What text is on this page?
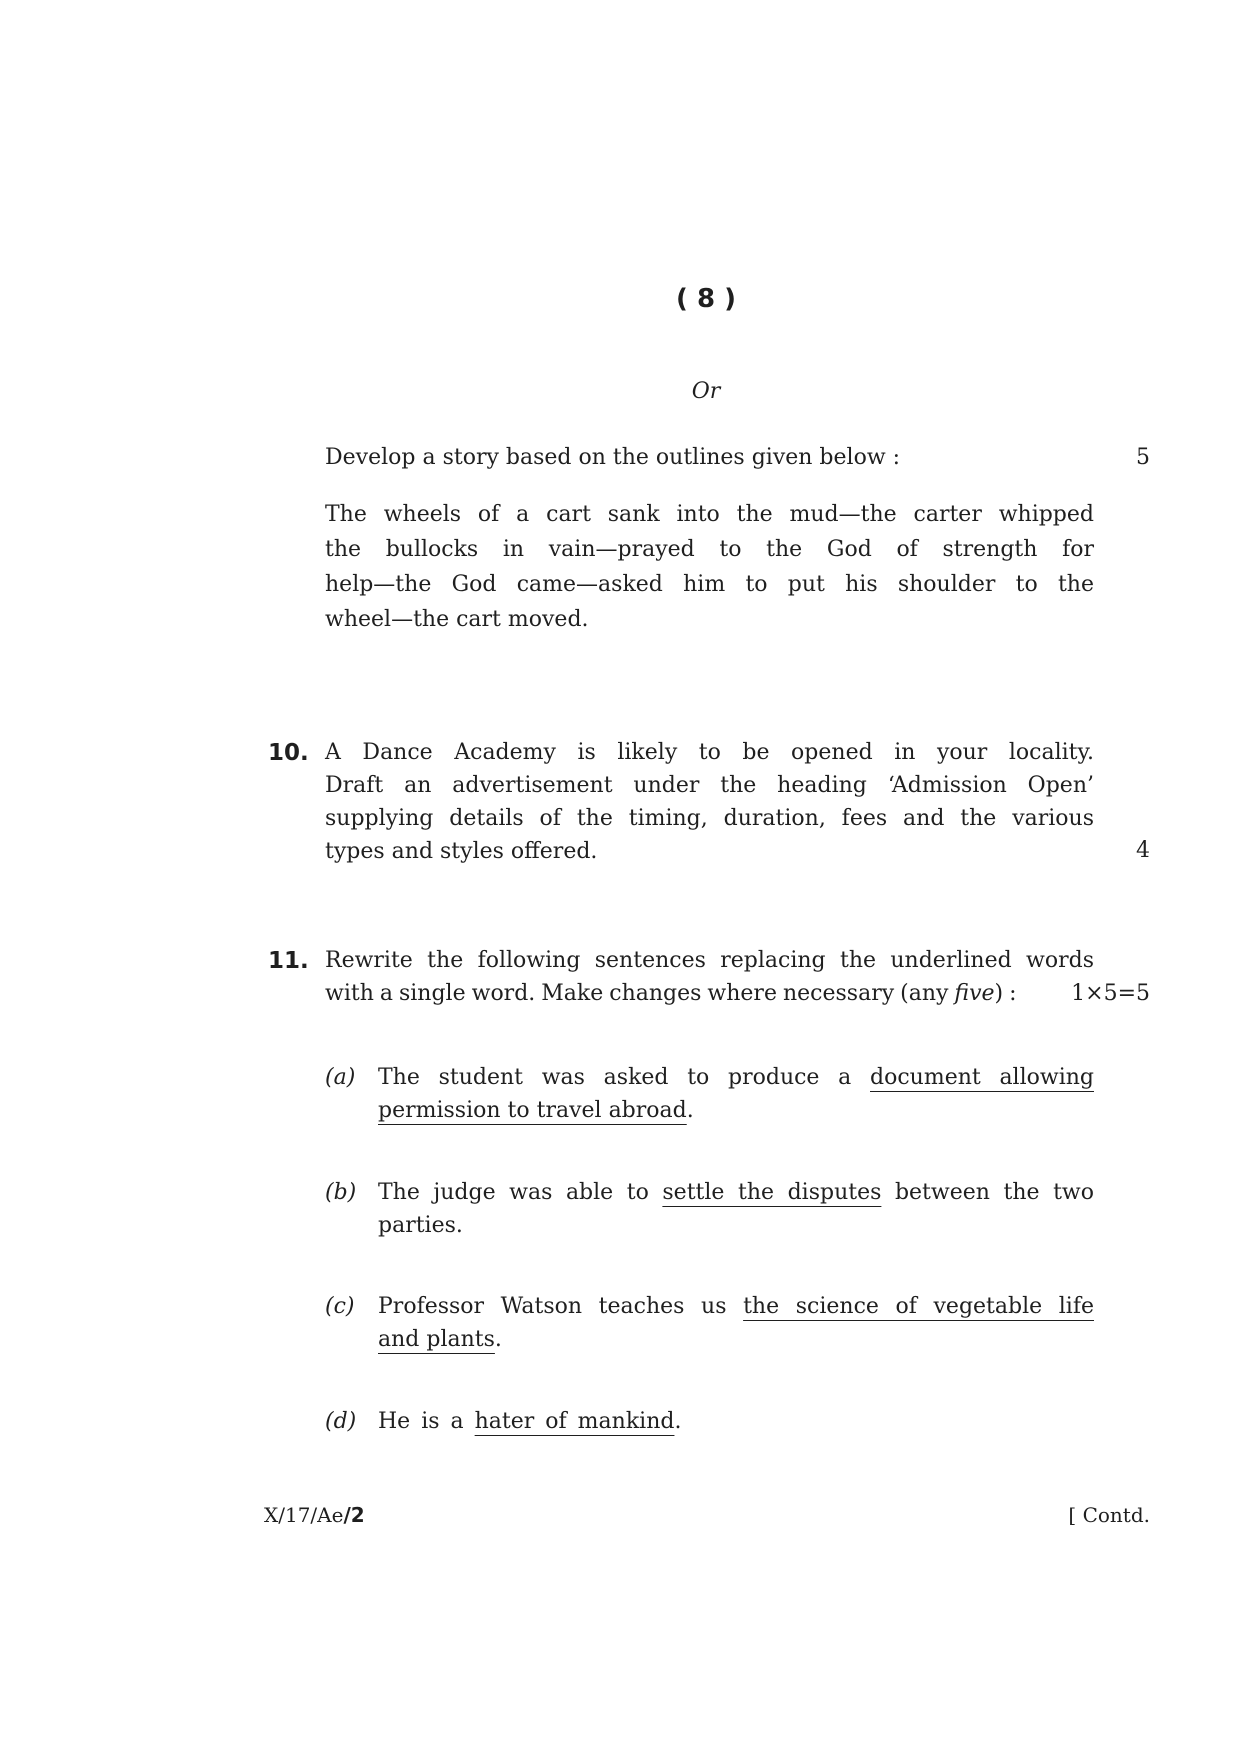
( 8 )
Or
Develop a story based on the outlines given below :	5
The wheels of a cart sank into the mud—the carter whipped
the bullocks in vain—prayed to the God of strength for
help—the God came—asked him to put his shoulder to the
wheel—the cart moved.
10. A Dance Academy is likely to be opened in your locality.
Draft an advertisement under the heading ‘Admission Open’
supplying details of the timing, duration, fees and the various
types and styles offered.	4
11. Rewrite the following sentences replacing the underlined words
with a single word. Make changes where necessary (any five) :	1×5=5
(a)	The student was asked to produce a document allowing
permission to travel abroad.
(b) The judge was able to settle the disputes between the two
parties.
(c)	Professor Watson teaches us the science of vegetable life
and plants.
(d) He is a hater of mankind.
X/17/Ae/2	[ Contd.
